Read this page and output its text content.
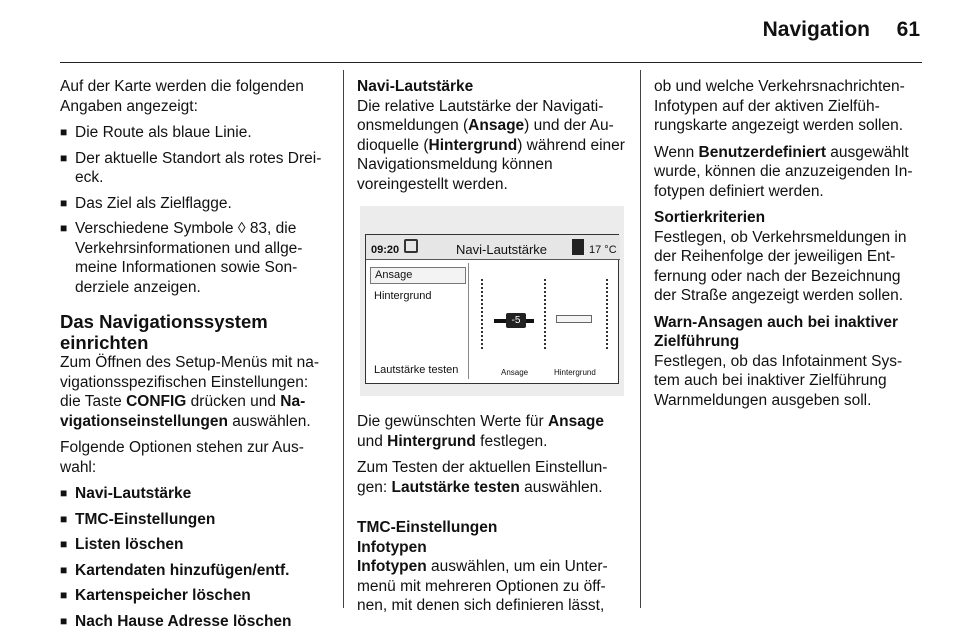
Navigation 61

Auf der Karte werden die folgenden Angaben angezeigt:

■ Die Route als blaue Linie.
■ Der aktuelle Standort als rotes Drei-eck.
■ Das Ziel als Zielflagge.
■ Verschiedene Symbole ◊ 83, die Verkehrsinformationen und allge-meine Informationen sowie Son-derziele anzeigen.
Das Navigationssystem einrichten

Zum Öffnen des Setup-Menüs mit na-vigationsspezifischen Einstellungen: die Taste CONFIG drücken und Na-vigationseinstellungen auswählen.

Folgende Optionen stehen zur Aus-wahl:

■ Navi-Lautstärke
■ TMC-Einstellungen
■ Listen löschen
■ Kartendaten hinzufügen/entf.
■ Kartenspeicher löschen
■ Nach Hause Adresse löschen
Navi-Lautstärke

Die relative Lautstärke der Navigati-onsmeldungen (Ansage) und der Au-dioquelle (Hintergrund) während einer Navigationsmeldung können voreingestellt werden.

09:20	Navi-Lautstärke	17 °C
Ansage
Hintergrund
Lautstärke testen
-5
Ansage	Hintergrund

Die gewünschten Werte für Ansage und Hintergrund festlegen.

Zum Testen der aktuellen Einstellun-gen: Lautstärke testen auswählen.

TMC-Einstellungen
Infotypen

Infotypen auswählen, um ein Unter-menü mit mehreren Optionen zu öff-nen, mit denen sich definieren lässt,

ob und welche Verkehrsnachrichten-Infotypen auf der aktiven Zielfüh-rungskarte angezeigt werden sollen.

Wenn Benutzerdefiniert ausgewählt wurde, können die anzuzeigenden In-fotypen definiert werden.

Sortierkriterien

Festlegen, ob Verkehrsmeldungen in der Reihenfolge der jeweiligen Ent-fernung oder nach der Bezeichnung der Straße angezeigt werden sollen.

Warn-Ansagen auch bei inaktiver Zielführung

Festlegen, ob das Infotainment Sys-tem auch bei inaktiver Zielführung Warnmeldungen ausgeben soll.
